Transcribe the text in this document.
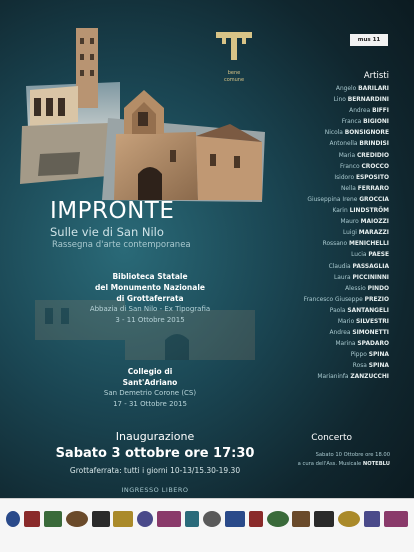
bene
comune
mus 11
IMPRONTE
Sulle vie di San Nilo
Rassegna d'arte contemporanea
Biblioteca Statale
del Monumento Nazionale
di Grottaferrata
Abbazia di San Nilo - Ex Tipografia
3 - 11 Ottobre 2015
Collegio di
Sant'Adriano
San Demetrio Corone (CS)
17 - 31 Ottobre 2015
Inaugurazione
Sabato 3 ottobre ore 17:30
Grottaferrata: tutti i giorni 10-13/15.30-19.30
INGRESSO LIBERO
Artisti
Angelo BARILARI
Lino BERNARDINI
Andrea BIFFI
Franca BIGIONI
Nicola BONSIGNORE
Antonella BRINDISI
Maria CREDIDIO
Franco CROCCO
Isidoro ESPOSITO
Nella FERRARO
Giuseppina Irene GROCCIA
Karin LINDSTRÖM
Mauro MAIOZZI
Luigi MARAZZI
Rossano MENICHELLI
Lucia PAESE
Claudia PASSAGLIA
Laura PICCININNI
Alessio PINDO
Francesco Giuseppe PREZIO
Paola SANTANGELI
Mario SILVESTRI
Andrea SIMONETTI
Marina SPADARO
Pippo SPINA
Rosa SPINA
Marianinfa ZANZUCCHI
Concerto
Sabato 10 Ottobre ore 18.00
a cura dell'Ass. Musicale NOTEBLU
